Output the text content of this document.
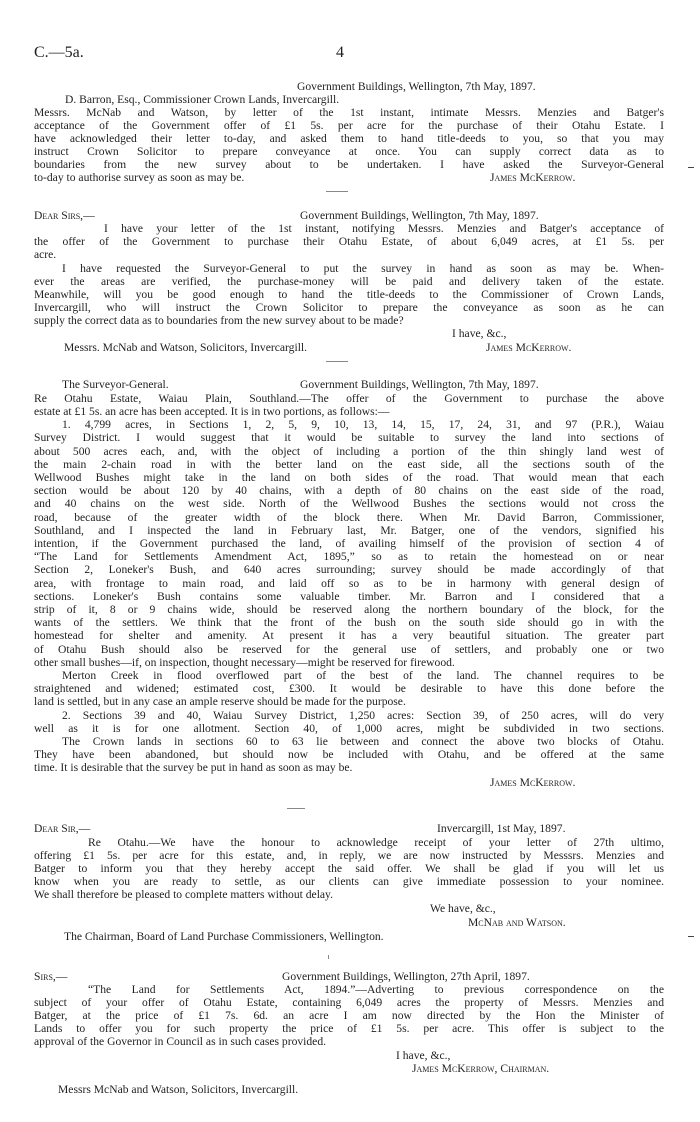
C.—5a.	4
Government Buildings, Wellington, 7th May, 1897.
D. Barron, Esq., Commissioner Crown Lands, Invercargill.
Messrs. McNab and Watson, by letter of the 1st instant, intimate Messrs. Menzies and Batger's
acceptance of the Government offer of £1 5s. per acre for the purchase of their Otahu Estate. I
have acknowledged their letter to-day, and asked them to hand title-deeds to you, so that you may
instruct Crown Solicitor to prepare conveyance at once. You can supply correct data as to
boundaries from the new survey about to be undertaken. I have asked the Surveyor-General
to-day to authorise survey as soon as may be.	James McKerrow.
Dear Sirs,—	Government Buildings, Wellington, 7th May, 1897.
I have your letter of the 1st instant, notifying Messrs. Menzies and Batger's acceptance of
the offer of the Government to purchase their Otahu Estate, of about 6,049 acres, at £1 5s. per
acre.
I have requested the Surveyor-General to put the survey in hand as soon as may be. When-
ever the areas are verified, the purchase-money will be paid and delivery taken of the estate.
Meanwhile, will you be good enough to hand the title-deeds to the Commissioner of Crown Lands,
Invercargill, who will instruct the Crown Solicitor to prepare the conveyance as soon as he can
supply the correct data as to boundaries from the new survey about to be made?
I have, &c.,
Messrs. McNab and Watson, Solicitors, Invercargill.	James McKerrow.
The Surveyor-General.	Government Buildings, Wellington, 7th May, 1897.
Re Otahu Estate, Waiau Plain, Southland.—The offer of the Government to purchase the above
estate at £1 5s. an acre has been accepted. It is in two portions, as follows:—
1. 4,799 acres, in Sections 1, 2, 5, 9, 10, 13, 14, 15, 17, 24, 31, and 97 (P.R.), Waiau
Survey District. I would suggest that it would be suitable to survey the land into sections of
about 500 acres each, and, with the object of including a portion of the thin shingly land west of
the main 2-chain road in with the better land on the east side, all the sections south of the
Wellwood Bushes might take in the land on both sides of the road. That would mean that each
section would be about 120 by 40 chains, with a depth of 80 chains on the east side of the road,
and 40 chains on the west side. North of the Wellwood Bushes the sections would not cross the
road, because of the greater width of the block there. When Mr. David Barron, Commissioner,
Southland, and I inspected the land in February last, Mr. Batger, one of the vendors, signified his
intention, if the Government purchased the land, of availing himself of the provision of section 4 of
“The Land for Settlements Amendment Act, 1895,” so as to retain the homestead on or near
Section 2, Loneker's Bush, and 640 acres surrounding; survey should be made accordingly of that
area, with frontage to main road, and laid off so as to be in harmony with general design of
sections. Loneker's Bush contains some valuable timber. Mr. Barron and I considered that a
strip of it, 8 or 9 chains wide, should be reserved along the northern boundary of the block, for the
wants of the settlers. We think that the front of the bush on the south side should go in with the
homestead for shelter and amenity. At present it has a very beautiful situation. The greater part
of Otahu Bush should also be reserved for the general use of settlers, and probably one or two
other small bushes—if, on inspection, thought necessary—might be reserved for firewood.
Merton Creek in flood overflowed part of the best of the land. The channel requires to be
straightened and widened; estimated cost, £300. It would be desirable to have this done before the
land is settled, but in any case an ample reserve should be made for the purpose.
2. Sections 39 and 40, Waiau Survey District, 1,250 acres: Section 39, of 250 acres, will do very
well as it is for one allotment. Section 40, of 1,000 acres, might be subdivided in two sections.
The Crown lands in sections 60 to 63 lie between and connect the above two blocks of Otahu.
They have been abandoned, but should now be included with Otahu, and be offered at the same
time. It is desirable that the survey be put in hand as soon as may be.
James McKerrow.
Dear Sir,—	Invercargill, 1st May, 1897.
Re Otahu.—We have the honour to acknowledge receipt of your letter of 27th ultimo,
offering £1 5s. per acre for this estate, and, in reply, we are now instructed by Messsrs. Menzies and
Batger to inform you that they hereby accept the said offer. We shall be glad if you will let us
know when you are ready to settle, as our clients can give immediate possession to your nominee.
We shall therefore be pleased to complete matters without delay.
We have, &c.,
McNab and Watson.
The Chairman, Board of Land Purchase Commissioners, Wellington.
Sirs,—	Government Buildings, Wellington, 27th April, 1897.
“The Land for Settlements Act, 1894.”—Adverting to previous correspondence on the
subject of your offer of Otahu Estate, containing 6,049 acres the property of Messrs. Menzies and
Batger, at the price of £1 7s. 6d. an acre I am now directed by the Hon the Minister of
Lands to offer you for such property the price of £1 5s. per acre. This offer is subject to the
approval of the Governor in Council as in such cases provided.
I have, &c.,
James McKerrow, Chairman.
Messrs McNab and Watson, Solicitors, Invercargill.
